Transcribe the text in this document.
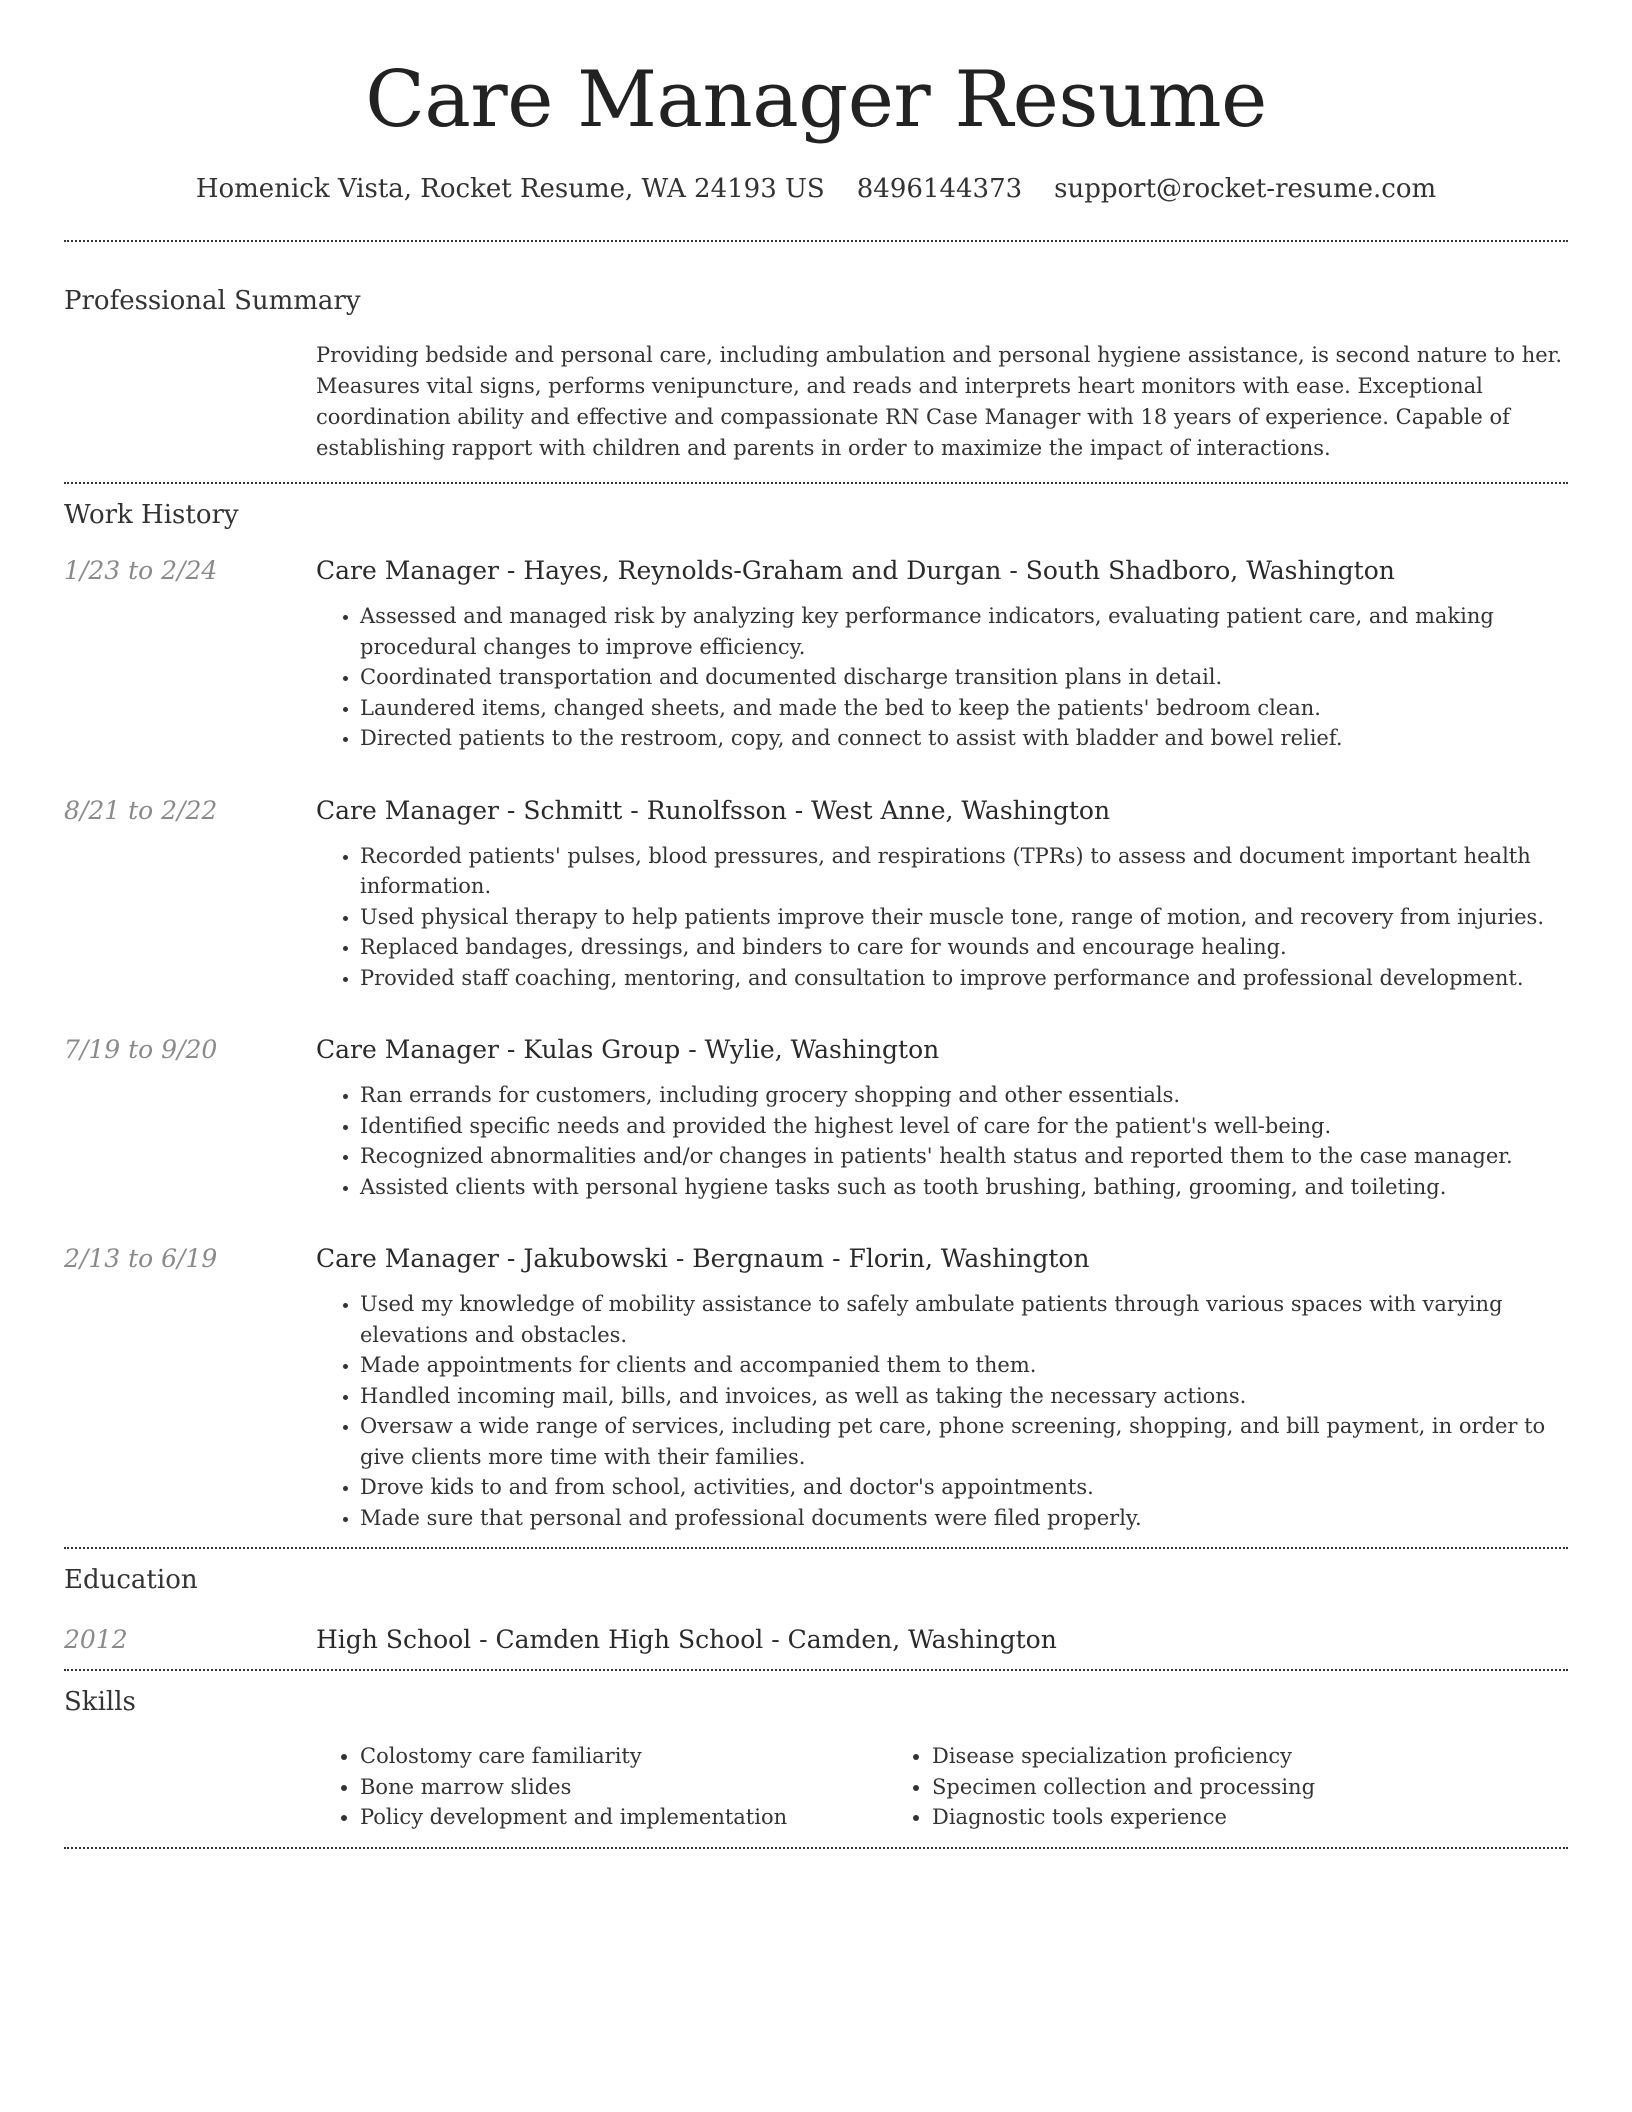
Care Manager Resume
Homenick Vista, Rocket Resume, WA 24193 US 8496144373 support@rocket-resume.com
Professional Summary

Providing bedside and personal care, including ambulation and personal hygiene assistance, is second nature to her. Measures vital signs, performs venipuncture, and reads and interprets heart monitors with ease. Exceptional coordination ability and effective and compassionate RN Case Manager with 18 years of experience. Capable of establishing rapport with children and parents in order to maximize the impact of interactions.

Work History
1/23 to 2/24	Care Manager - Hayes, Reynolds-Graham and Durgan - South Shadboro, Washington
• Assessed and managed risk by analyzing key performance indicators, evaluating patient care, and making procedural changes to improve efficiency.
• Coordinated transportation and documented discharge transition plans in detail.
• Laundered items, changed sheets, and made the bed to keep the patients' bedroom clean.
• Directed patients to the restroom, copy, and connect to assist with bladder and bowel relief.
8/21 to 2/22	Care Manager - Schmitt - Runolfsson - West Anne, Washington
• Recorded patients' pulses, blood pressures, and respirations (TPRs) to assess and document important health information.
• Used physical therapy to help patients improve their muscle tone, range of motion, and recovery from injuries.
• Replaced bandages, dressings, and binders to care for wounds and encourage healing.
• Provided staff coaching, mentoring, and consultation to improve performance and professional development.
7/19 to 9/20	Care Manager - Kulas Group - Wylie, Washington
• Ran errands for customers, including grocery shopping and other essentials.
• Identified specific needs and provided the highest level of care for the patient's well-being.
• Recognized abnormalities and/or changes in patients' health status and reported them to the case manager.
• Assisted clients with personal hygiene tasks such as tooth brushing, bathing, grooming, and toileting.
2/13 to 6/19	Care Manager - Jakubowski - Bergnaum - Florin, Washington
• Used my knowledge of mobility assistance to safely ambulate patients through various spaces with varying elevations and obstacles.
• Made appointments for clients and accompanied them to them.
• Handled incoming mail, bills, and invoices, as well as taking the necessary actions.
• Oversaw a wide range of services, including pet care, phone screening, shopping, and bill payment, in order to give clients more time with their families.
• Drove kids to and from school, activities, and doctor's appointments.
• Made sure that personal and professional documents were filed properly.
Education
2012	High School - Camden High School - Camden, Washington
Skills
• Colostomy care familiarity
• Bone marrow slides
• Policy development and implementation
• Disease specialization proficiency
• Specimen collection and processing
• Diagnostic tools experience
